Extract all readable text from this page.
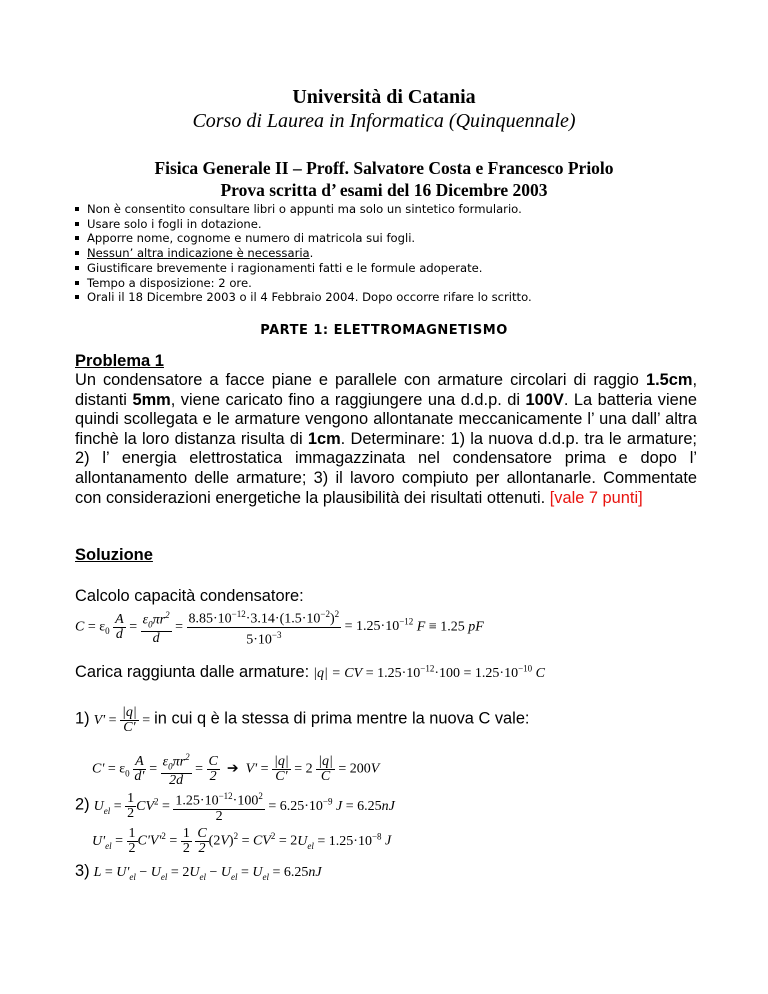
Università di Catania
Corso di Laurea in Informatica (Quinquennale)
Fisica Generale II – Proff. Salvatore Costa e Francesco Priolo
Prova scritta d’ esami del 16 Dicembre 2003
Non è consentito consultare libri o appunti ma solo un sintetico formulario.
Usare solo i fogli in dotazione.
Apporre nome, cognome e numero di matricola sui fogli.
Nessun’ altra indicazione è necessaria.
Giustificare brevemente i ragionamenti fatti e le formule adoperate.
Tempo a disposizione: 2 ore.
Orali il 18 Dicembre 2003 o il 4 Febbraio 2004. Dopo occorre rifare lo scritto.
PARTE 1: ELETTROMAGNETISMO
Problema 1
Un condensatore a facce piane e parallele con armature circolari di raggio 1.5cm, distanti 5mm, viene caricato fino a raggiungere una d.d.p. di 100V. La batteria viene quindi scollegata e le armature vengono allontanate meccanicamente l’ una dall’ altra finchè la loro distanza risulta di 1cm. Determinare: 1) la nuova d.d.p. tra le armature; 2) l’ energia elettrostatica immagazzinata nel condensatore prima e dopo l’ allontanamento delle armature; 3) il lavoro compiuto per allontanarle. Commentate con considerazioni energetiche la plausibilità dei risultati ottenuti. [vale 7 punti]
Soluzione
Calcolo capacità condensatore:
$C = \varepsilon_0 \frac{A}{d} = \frac{\varepsilon_0\pi r^2}{d} = \frac{8.85\cdot 10^{-12}\cdot 3.14\cdot(1.5\cdot 10^{-2})^2}{5\cdot 10^{-3}} = 1.25\cdot 10^{-12}$ F ≡ 1.25 pF
Carica raggiunta dalle armature: |q| = CV = $1.25\cdot 10^{-12}\cdot 100 = 1.25\cdot 10^{-10}$ C
1) $V' = \frac{|q|}{C'}$ = in cui q è la stessa di prima mentre la nuova C vale:
$C' = \varepsilon_0 \frac{A}{d'} = \frac{\varepsilon_0\pi r^2}{2d} = \frac{C}{2}$ ➔ $V' = \frac{|q|}{C'} = 2 \frac{|q|}{C} = 200V$
2) $U_{el} = \frac{1}{2} CV^2 = \frac{1.25\cdot 10^{-12}\cdot 100^2}{2} = 6.25\cdot 10^{-9}$ J = 6.25nJ
$U'_{el} = \frac{1}{2} C'V'^2 = \frac{1}{2}$
$\frac{C}{2} (2V)^2 = CV^2 = 2U_{el} = 1.25\cdot 10^{-8}$ J
3) $L = U'_{el} - U_{el} = 2U_{el} - U_{el} = U_{el} = 6.25nJ$
